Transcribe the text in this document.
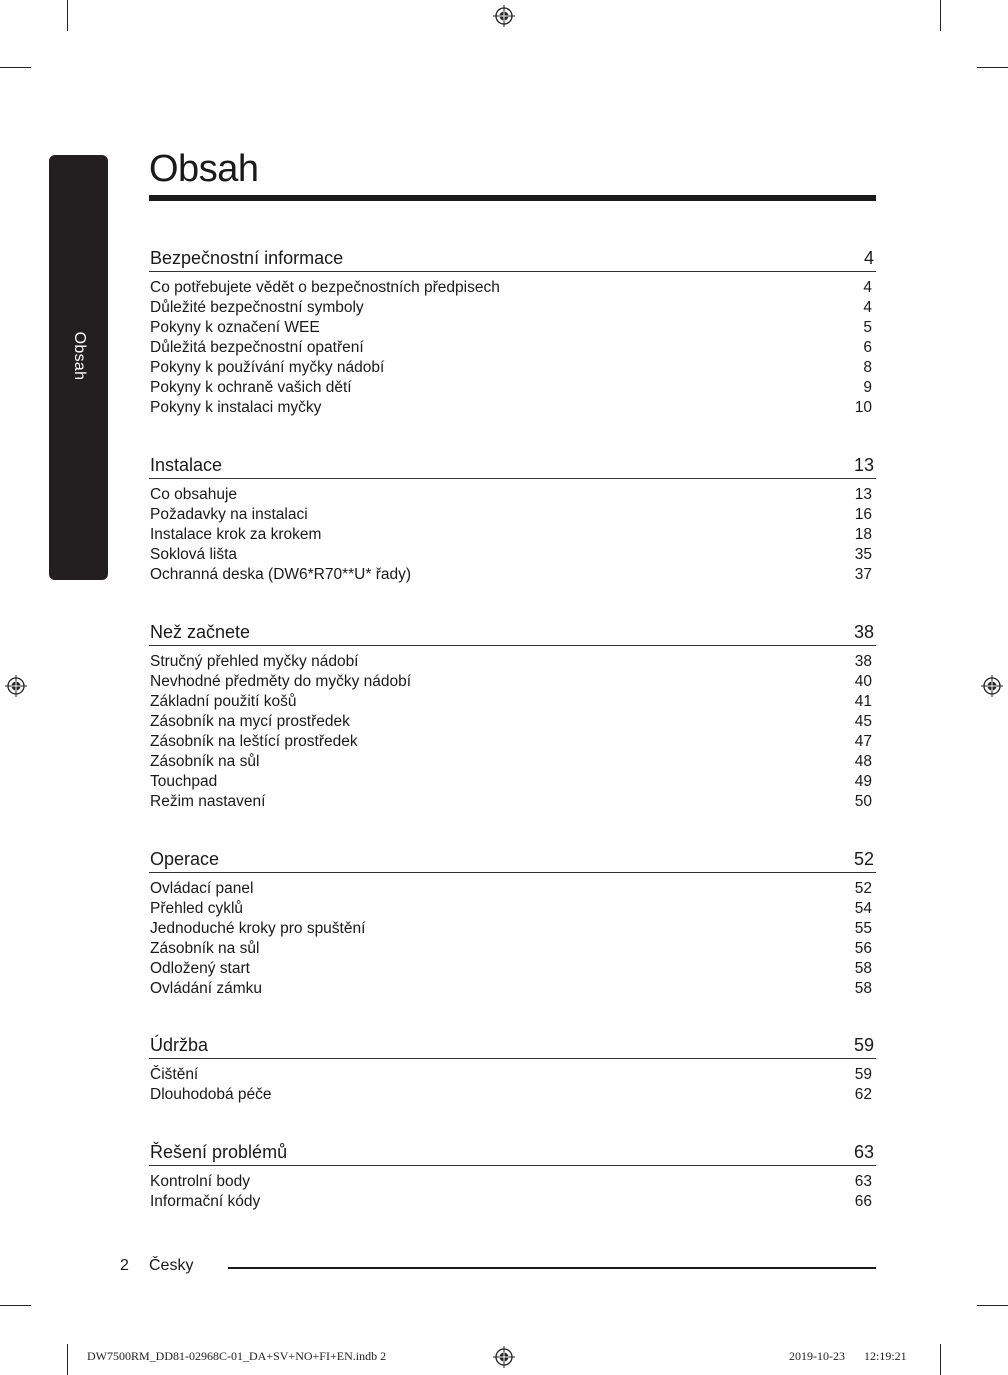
Obsah
Obsah
Bezpečnostní informace	4
Co potřebujete vědět o bezpečnostních předpisech	4
Důležité bezpečnostní symboly	4
Pokyny k označení WEE	5
Důležitá bezpečnostní opatření	6
Pokyny k používání myčky nádobí	8
Pokyny k ochraně vašich dětí	9
Pokyny k instalaci myčky	10
Instalace	13
Co obsahuje	13
Požadavky na instalaci	16
Instalace krok za krokem	18
Soklová lišta	35
Ochranná deska (DW6*R70**U* řady)	37
Než začnete	38
Stručný přehled myčky nádobí	38
Nevhodné předměty do myčky nádobí	40
Základní použití košů	41
Zásobník na mycí prostředek	45
Zásobník na leštící prostředek	47
Zásobník na sůl	48
Touchpad	49
Režim nastavení	50
Operace	52
Ovládací panel	52
Přehled cyklů	54
Jednoduché kroky pro spuštění	55
Zásobník na sůl	56
Odložený start	58
Ovládání zámku	58
Údržba	59
Čištění	59
Dlouhodobá péče	62
Řešení problémů	63
Kontrolní body	63
Informační kódy	66
2 Česky
DW7500RM_DD81-02968C-01_DA+SV+NO+FI+EN.indb 2	2019-10-23 12:19:21
